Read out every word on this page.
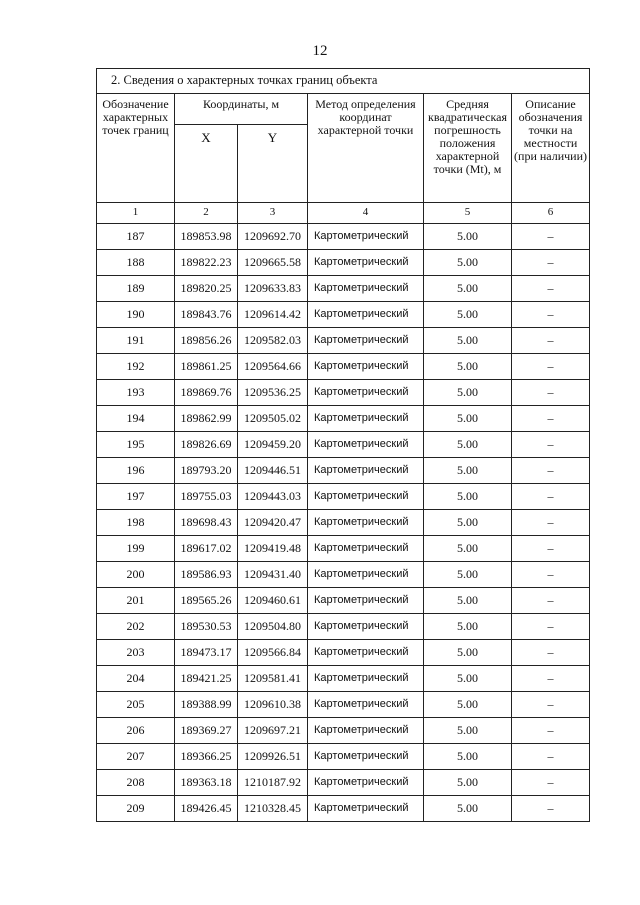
12
2. Сведения о характерных точках границ объекта					
Обозначение характерных точек границ	Координаты, м		Метод определения координат характерной точки	Средняя квадратическая погрешность положения характерной точки (Mt), м	Описание обозначения точки на местности (при наличии)
	X	Y			
1	2	3	4	5	6
187	189853.98	1209692.70	Картометрический	5.00	–
188	189822.23	1209665.58	Картометрический	5.00	–
189	189820.25	1209633.83	Картометрический	5.00	–
190	189843.76	1209614.42	Картометрический	5.00	–
191	189856.26	1209582.03	Картометрический	5.00	–
192	189861.25	1209564.66	Картометрический	5.00	–
193	189869.76	1209536.25	Картометрический	5.00	–
194	189862.99	1209505.02	Картометрический	5.00	–
195	189826.69	1209459.20	Картометрический	5.00	–
196	189793.20	1209446.51	Картометрический	5.00	–
197	189755.03	1209443.03	Картометрический	5.00	–
198	189698.43	1209420.47	Картометрический	5.00	–
199	189617.02	1209419.48	Картометрический	5.00	–
200	189586.93	1209431.40	Картометрический	5.00	–
201	189565.26	1209460.61	Картометрический	5.00	–
202	189530.53	1209504.80	Картометрический	5.00	–
203	189473.17	1209566.84	Картометрический	5.00	–
204	189421.25	1209581.41	Картометрический	5.00	–
205	189388.99	1209610.38	Картометрический	5.00	–
206	189369.27	1209697.21	Картометрический	5.00	–
207	189366.25	1209926.51	Картометрический	5.00	–
208	189363.18	1210187.92	Картометрический	5.00	–
209	189426.45	1210328.45	Картометрический	5.00	–
